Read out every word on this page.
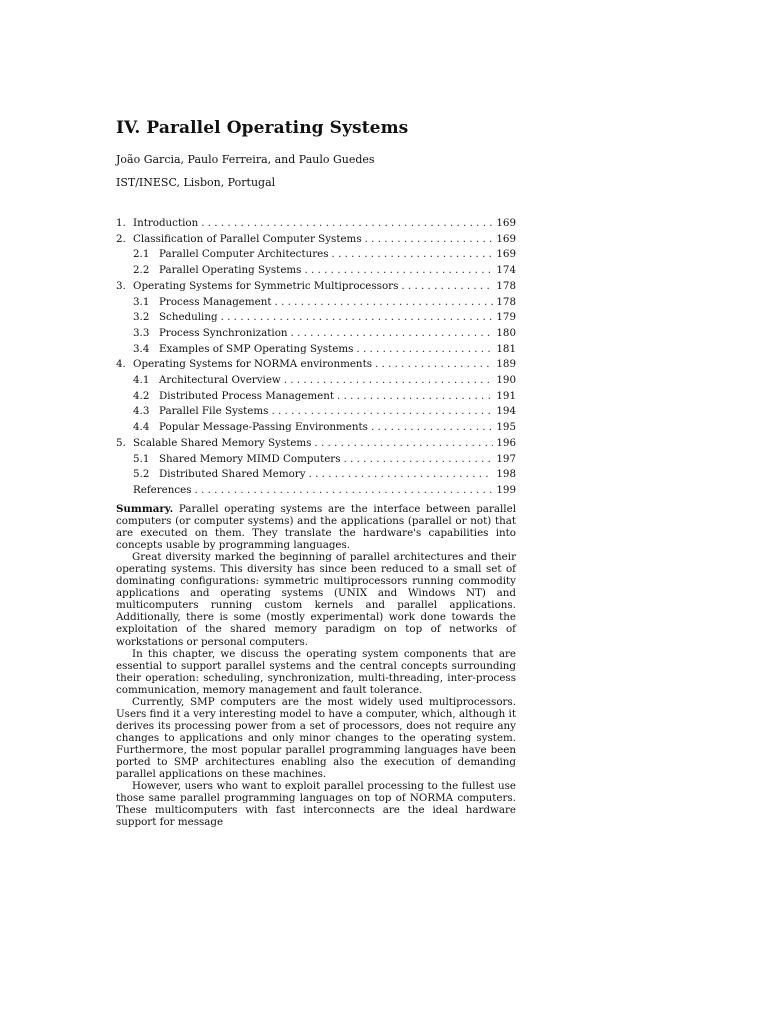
IV. Parallel Operating Systems
João Garcia, Paulo Ferreira, and Paulo Guedes
IST/INESC, Lisbon, Portugal
1. Introduction . . .	169
2. Classification of Parallel Computer Systems . . .	169
2.1 Parallel Computer Architectures . . .	169
2.2 Parallel Operating Systems . . .	174
3. Operating Systems for Symmetric Multiprocessors . . .	178
3.1 Process Management . . .	178
3.2 Scheduling . . .	179
3.3 Process Synchronization . . .	180
3.4 Examples of SMP Operating Systems . . .	181
4. Operating Systems for NORMA environments . . .	189
4.1 Architectural Overview . . .	190
4.2 Distributed Process Management . . .	191
4.3 Parallel File Systems . . .	194
4.4 Popular Message-Passing Environments . . .	195
5. Scalable Shared Memory Systems . . .	196
5.1 Shared Memory MIMD Computers . . .	197
5.2 Distributed Shared Memory . . .	198
References . . .	199

Summary. Parallel operating systems are the interface between parallel computers (or computer systems) and the applications (parallel or not) that are executed on them. They translate the hardware's capabilities into concepts usable by programming languages.

Great diversity marked the beginning of parallel architectures and their operating systems. This diversity has since been reduced to a small set of dominating configurations: symmetric multiprocessors running commodity applications and operating systems (UNIX and Windows NT) and multicomputers running custom kernels and parallel applications. Additionally, there is some (mostly experimental) work done towards the exploitation of the shared memory paradigm on top of networks of workstations or personal computers.

In this chapter, we discuss the operating system components that are essential to support parallel systems and the central concepts surrounding their operation: scheduling, synchronization, multi-threading, inter-process communication, memory management and fault tolerance.

Currently, SMP computers are the most widely used multiprocessors. Users find it a very interesting model to have a computer, which, although it derives its processing power from a set of processors, does not require any changes to applications and only minor changes to the operating system. Furthermore, the most popular parallel programming languages have been ported to SMP architectures enabling also the execution of demanding parallel applications on these machines.

However, users who want to exploit parallel processing to the fullest use those same parallel programming languages on top of NORMA computers. These multicomputers with fast interconnects are the ideal hardware support for message
